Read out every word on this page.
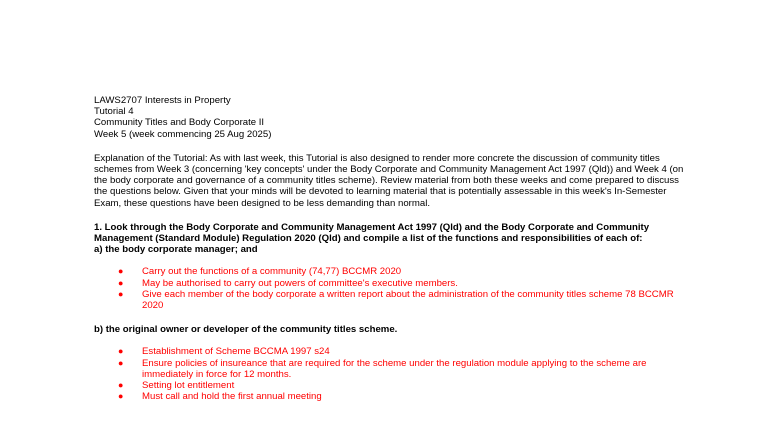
LAWS2707 Interests in Property

Tutorial 4

Community Titles and Body Corporate II

Week 5 (week commencing 25 Aug 2025)

Explanation of the Tutorial: As with last week, this Tutorial is also designed to render more concrete the discussion of community titles schemes from Week 3 (concerning 'key concepts' under the Body Corporate and Community Management Act 1997 (Qld)) and Week 4 (on the body corporate and governance of a community titles scheme). Review material from both these weeks and come prepared to discuss the questions below. Given that your minds will be devoted to learning material that is potentially assessable in this week's In-Semester Exam, these questions have been designed to be less demanding than normal.

1. Look through the Body Corporate and Community Management Act 1997 (Qld) and the Body Corporate and Community Management (Standard Module) Regulation 2020 (Qld) and compile a list of the functions and responsibilities of each of:

a) the body corporate manager; and

● Carry out the functions of a community (74,77) BCCMR 2020
● May be authorised to carry out powers of committee's executive members.
● Give each member of the body corporate a written report about the administration of the community titles scheme 78 BCCMR 2020

b) the original owner or developer of the community titles scheme.

● Establishment of Scheme BCCMA 1997 s24
● Ensure policies of insureance that are required for the scheme under the regulation module applying to the scheme are immediately in force for 12 months.
● Setting lot entitlement
● Must call and hold the first annual meeting
